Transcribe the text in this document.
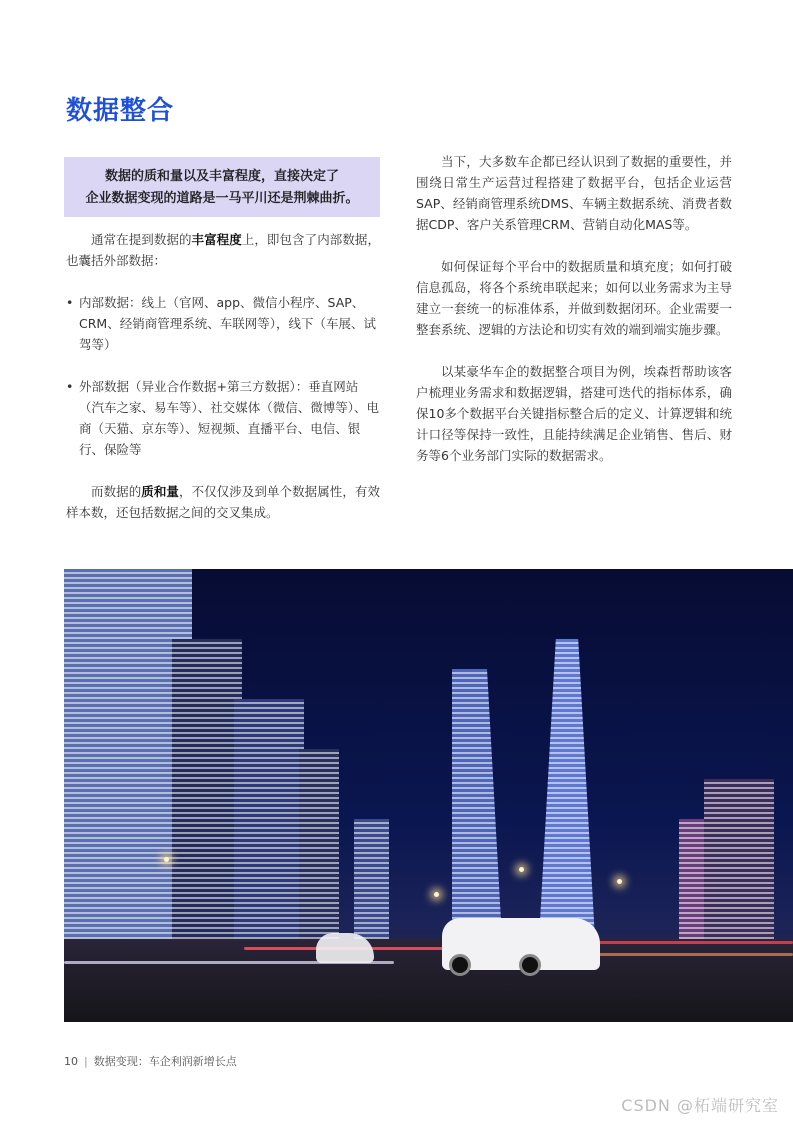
数据整合
数据的质和量以及丰富程度，直接决定了
企业数据变现的道路是一马平川还是荆棘曲折。

通常在提到数据的丰富程度上，即包含了内部数据，也囊括外部数据：

• 内部数据：线上（官网、app、微信小程序、SAP、CRM、经销商管理系统、车联网等），线下（车展、试驾等）
• 外部数据（异业合作数据+第三方数据）：垂直网站（汽车之家、易车等）、社交媒体（微信、微博等）、电商（天猫、京东等）、短视频、直播平台、电信、银行、保险等

而数据的质和量，不仅仅涉及到单个数据属性，有效样本数，还包括数据之间的交叉集成。

当下，大多数车企都已经认识到了数据的重要性，并围绕日常生产运营过程搭建了数据平台，包括企业运营SAP、经销商管理系统DMS、车辆主数据系统、消费者数据CDP、客户关系管理CRM、营销自动化MAS等。

如何保证每个平台中的数据质量和填充度；如何打破信息孤岛，将各个系统串联起来；如何以业务需求为主导建立一套统一的标准体系，并做到数据闭环。企业需要一整套系统、逻辑的方法论和切实有效的端到端实施步骤。

以某豪华车企的数据整合项目为例，埃森哲帮助该客户梳理业务需求和数据逻辑，搭建可迭代的指标体系，确保10多个数据平台关键指标整合后的定义、计算逻辑和统计口径等保持一致性，且能持续满足企业销售、售后、财务等6个业务部门实际的数据需求。

10 | 数据变现：车企利润新增长点
CSDN @柘端研究室
